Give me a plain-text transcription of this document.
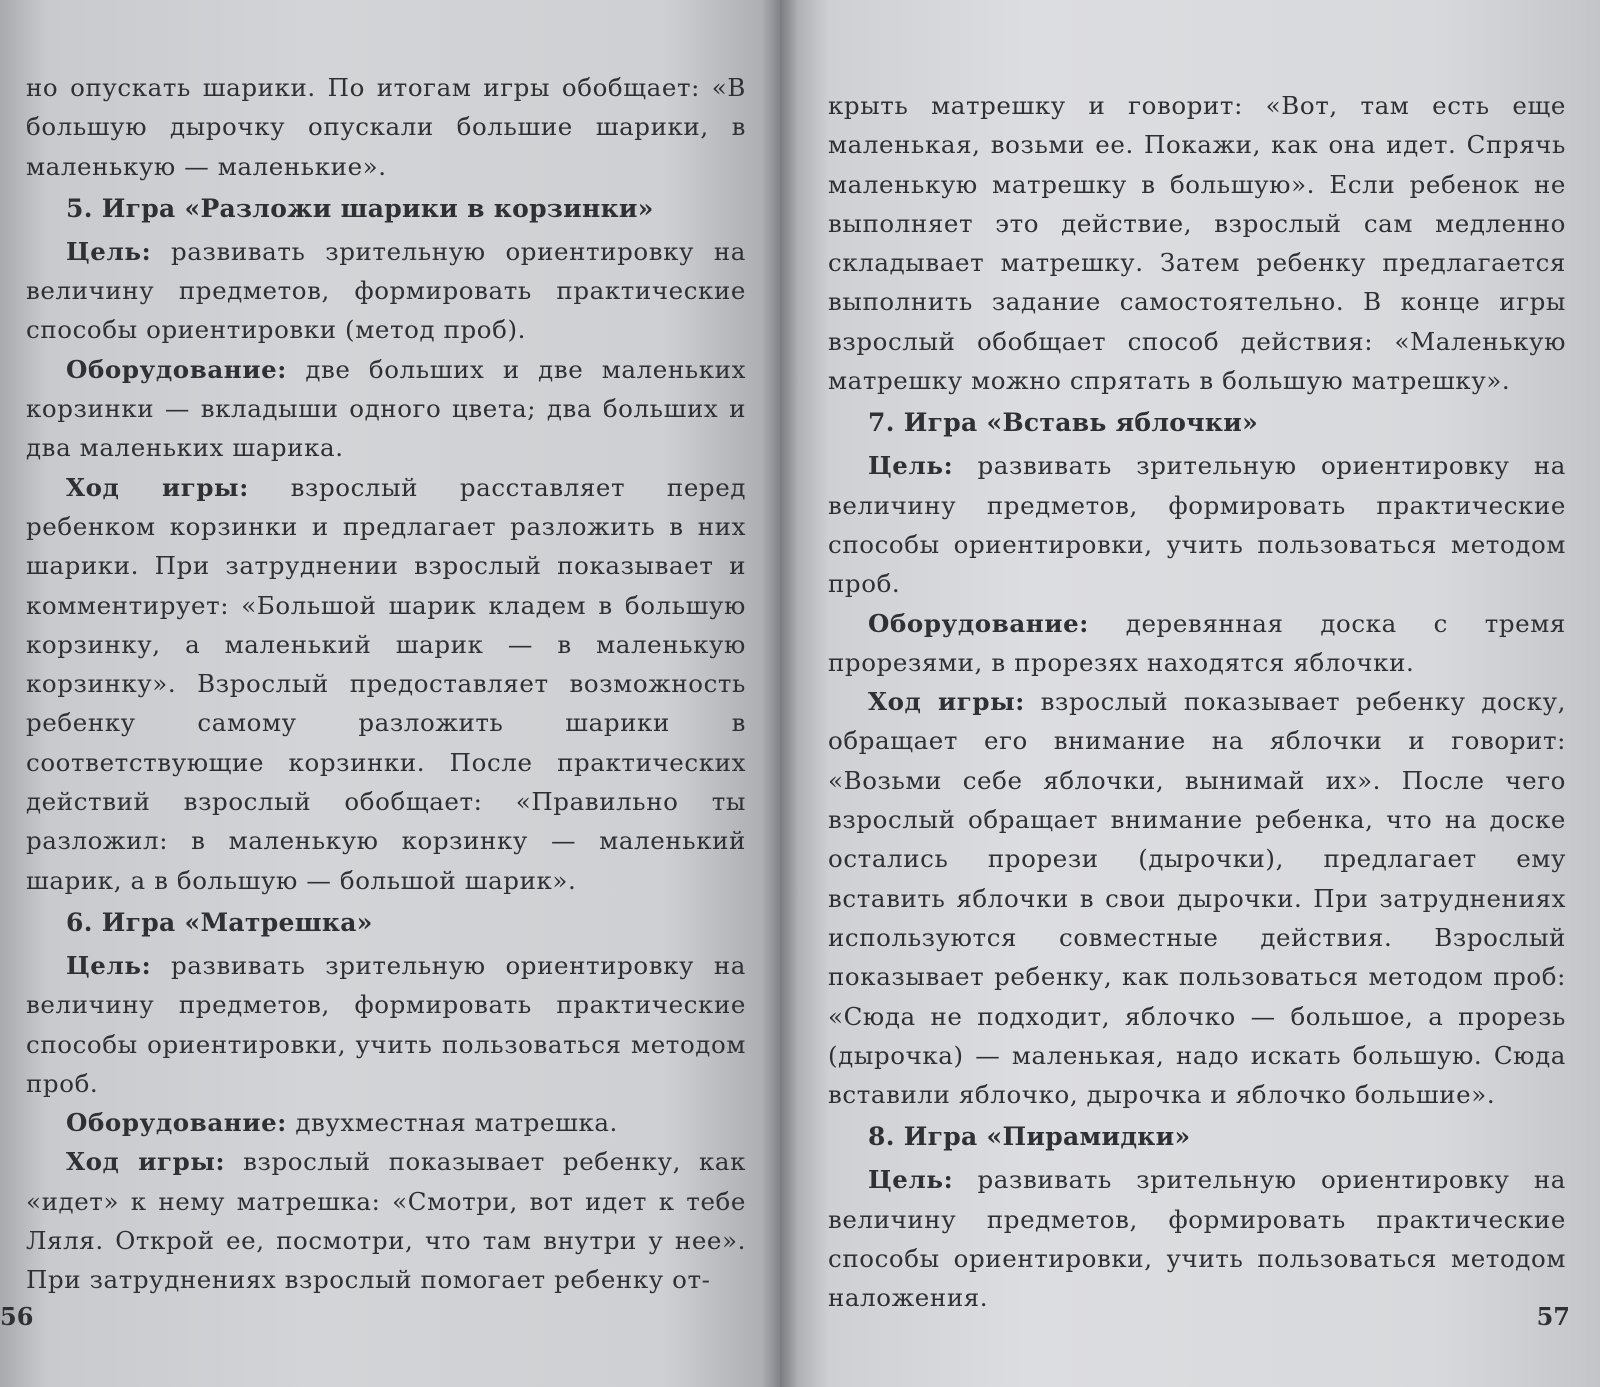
но опускать шарики. По итогам игры обобщает: «В большую дырочку опускали большие шарики, в маленькую — маленькие».

5. Игра «Разложи шарики в корзинки»

Цель: развивать зрительную ориентировку на величину предметов, формировать практические способы ориентировки (метод проб).

Оборудование: две больших и две маленьких корзинки — вкладыши одного цвета; два больших и два маленьких шарика.

Ход игры: взрослый расставляет перед ребенком корзинки и предлагает разложить в них шарики. При затруднении взрослый показывает и комментирует: «Большой шарик кладем в большую корзинку, а маленький шарик — в маленькую корзинку». Взрослый предоставляет возможность ребенку самому разложить шарики в соответствующие корзинки. После практических действий взрослый обобщает: «Правильно ты разложил: в маленькую корзинку — маленький шарик, а в большую — большой шарик».

6. Игра «Матрешка»

Цель: развивать зрительную ориентировку на величину предметов, формировать практические способы ориентировки, учить пользоваться методом проб.

Оборудование: двухместная матрешка.

Ход игры: взрослый показывает ребенку, как «идет» к нему матрешка: «Смотри, вот идет к тебе Ляля. Открой ее, посмотри, что там внутри у нее». При затруднениях взрослый помогает ребенку от-

56

крыть матрешку и говорит: «Вот, там есть еще маленькая, возьми ее. Покажи, как она идет. Спрячь маленькую матрешку в большую». Если ребенок не выполняет это действие, взрослый сам медленно складывает матрешку. Затем ребенку предлагается выполнить задание самостоятельно. В конце игры взрослый обобщает способ действия: «Маленькую матрешку можно спрятать в большую матрешку».

7. Игра «Вставь яблочки»

Цель: развивать зрительную ориентировку на величину предметов, формировать практические способы ориентировки, учить пользоваться методом проб.

Оборудование: деревянная доска с тремя прорезями, в прорезях находятся яблочки.

Ход игры: взрослый показывает ребенку доску, обращает его внимание на яблочки и говорит: «Возьми себе яблочки, вынимай их». После чего взрослый обращает внимание ребенка, что на доске остались прорези (дырочки), предлагает ему вставить яблочки в свои дырочки. При затруднениях используются совместные действия. Взрослый показывает ребенку, как пользоваться методом проб: «Сюда не подходит, яблочко — большое, а прорезь (дырочка) — маленькая, надо искать большую. Сюда вставили яблочко, дырочка и яблочко большие».

8. Игра «Пирамидки»

Цель: развивать зрительную ориентировку на величину предметов, формировать практические способы ориентировки, учить пользоваться методом наложения.

57
